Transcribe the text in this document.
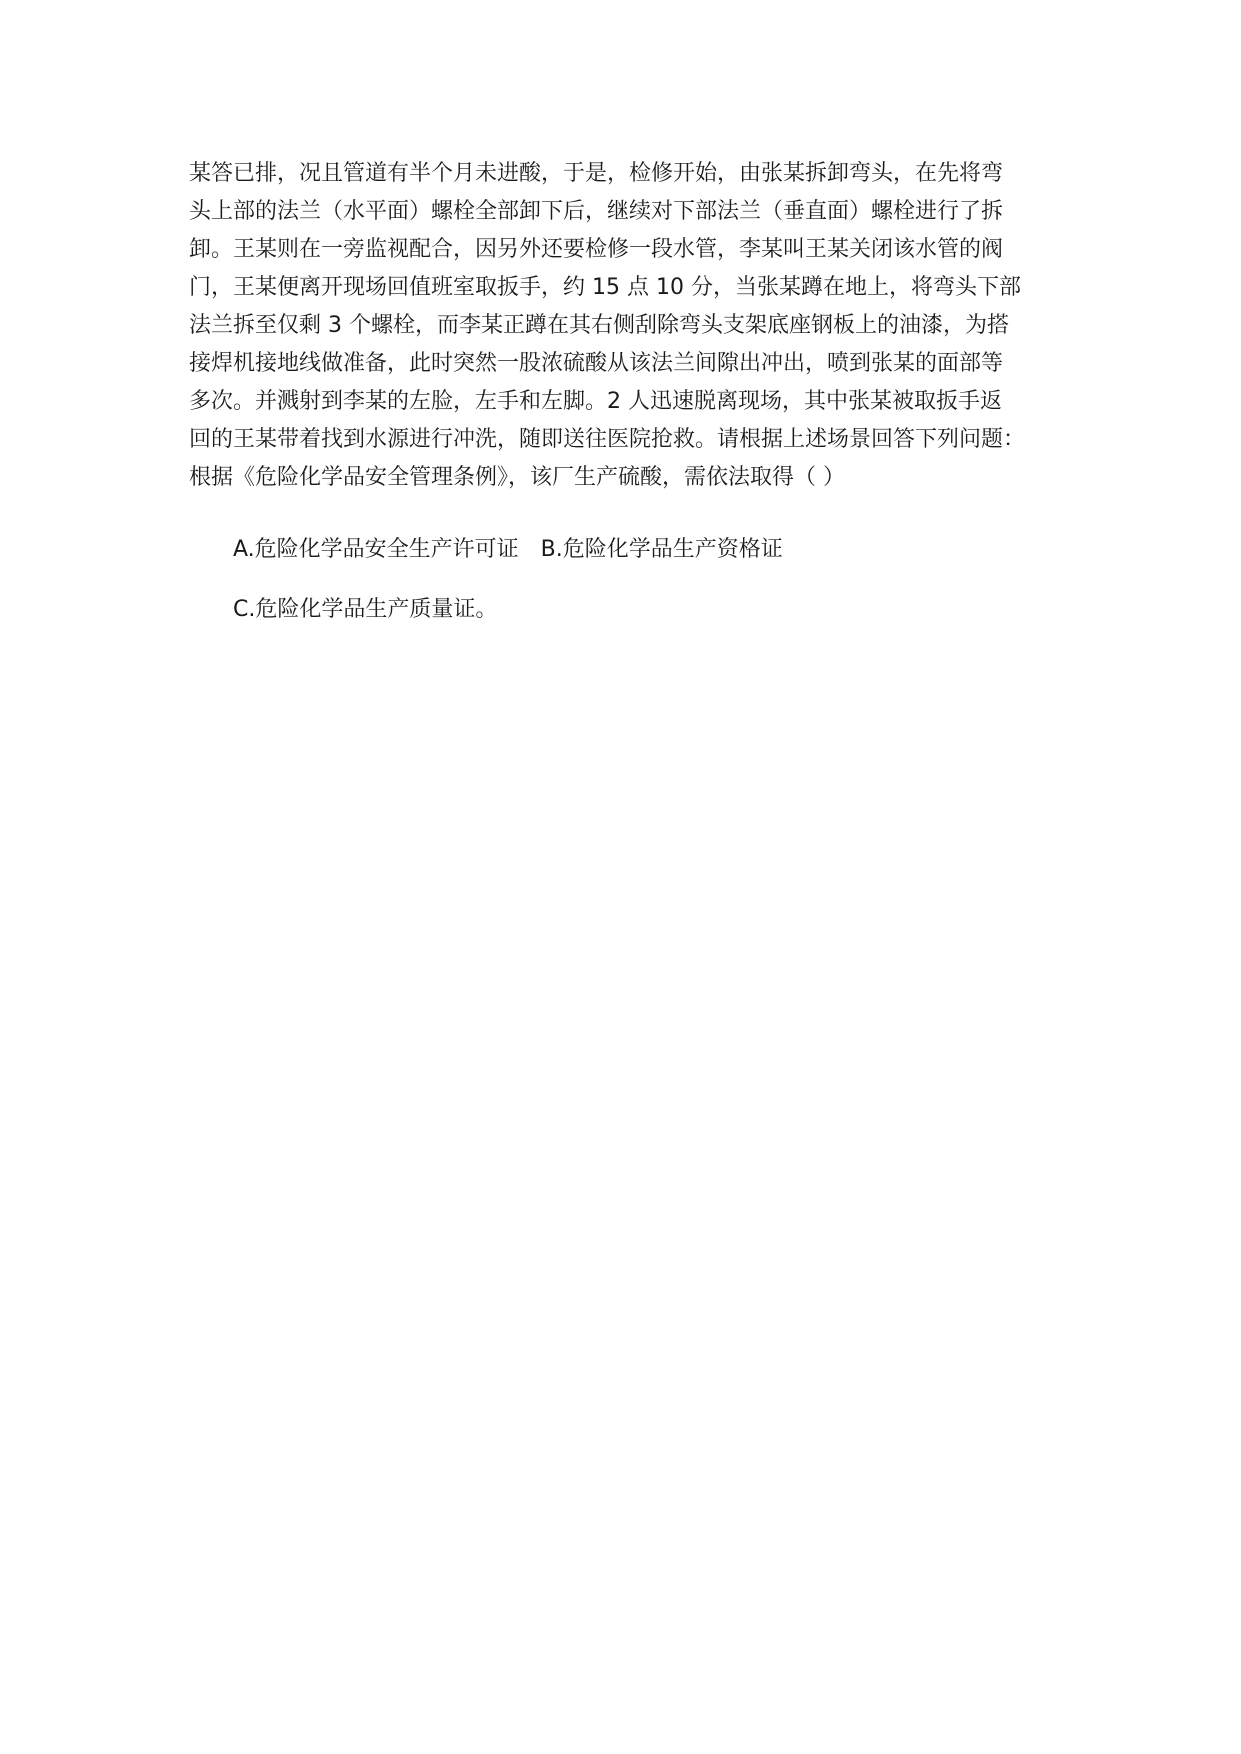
某答已排，况且管道有半个月未进酸，于是，检修开始，由张某拆卸弯头，在先将弯
头上部的法兰（水平面）螺栓全部卸下后，继续对下部法兰（垂直面）螺栓进行了拆
卸。王某则在一旁监视配合，因另外还要检修一段水管，李某叫王某关闭该水管的阀
门，王某便离开现场回值班室取扳手，约 15 点 10 分，当张某蹲在地上，将弯头下部
法兰拆至仅剩 3 个螺栓，而李某正蹲在其右侧刮除弯头支架底座钢板上的油漆，为搭
接焊机接地线做准备，此时突然一股浓硫酸从该法兰间隙出冲出，喷到张某的面部等
多次。并溅射到李某的左脸，左手和左脚。2 人迅速脱离现场，其中张某被取扳手返
回的王某带着找到水源进行冲洗，随即送往医院抢救。请根据上述场景回答下列问题：
根据《危险化学品安全管理条例》，该厂生产硫酸，需依法取得（ ）
A.危险化学品安全生产许可证 B.危险化学品生产资格证
C.危险化学品生产质量证。
